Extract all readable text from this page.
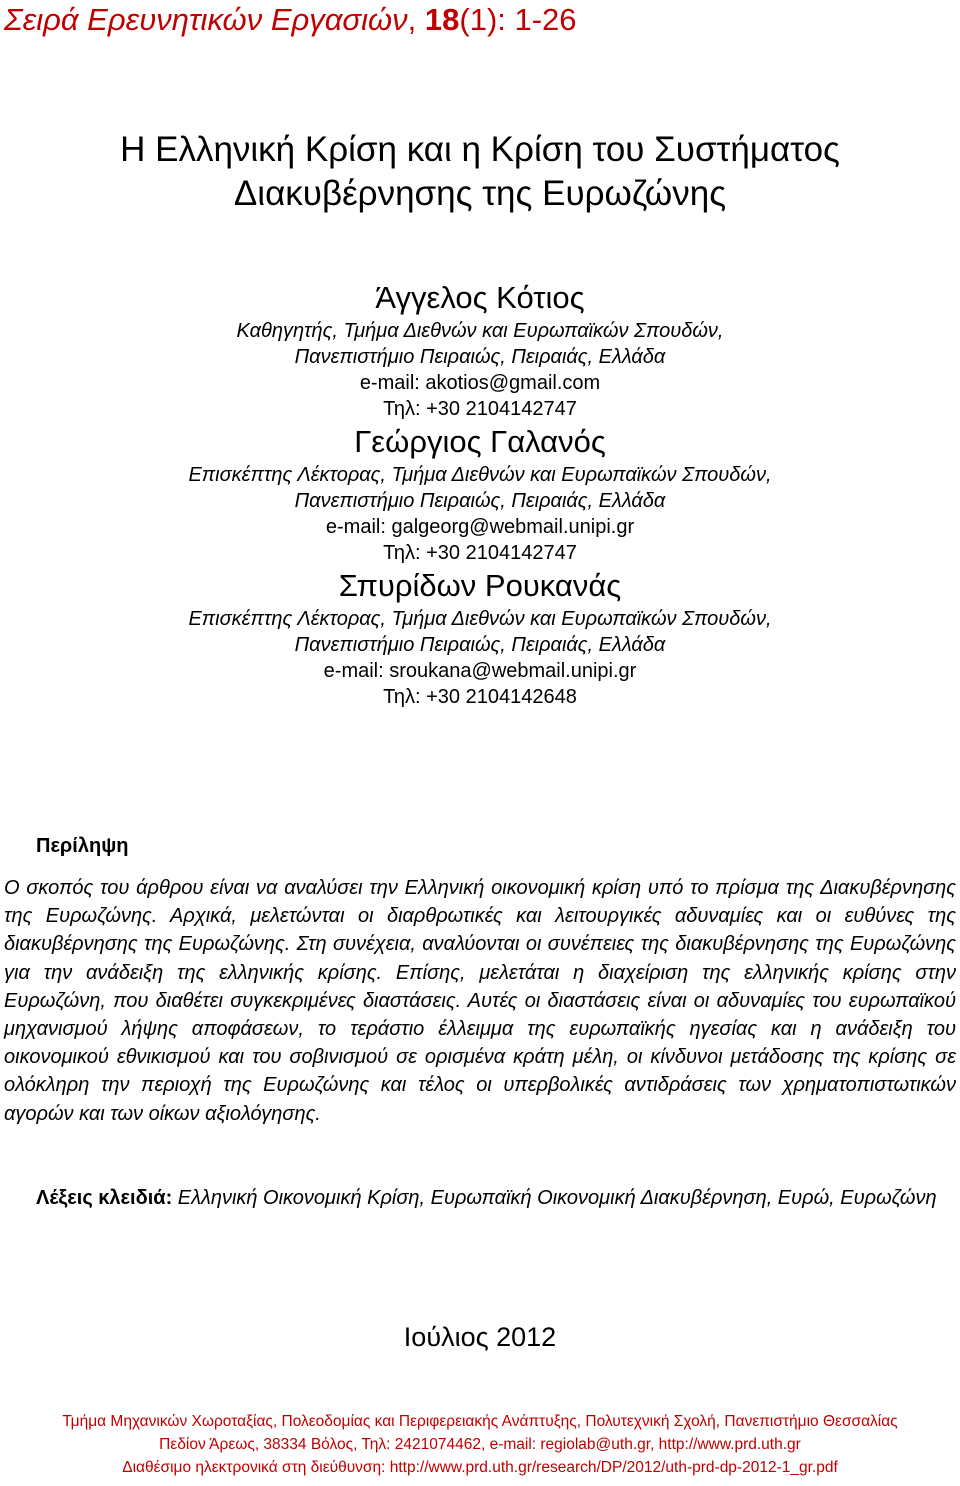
Σειρά Ερευνητικών Εργασιών, 18(1): 1-26
Η Ελληνική Κρίση και η Κρίση του Συστήματος
Διακυβέρνησης της Ευρωζώνης
Άγγελος Κότιος
Καθηγητής, Τμήμα Διεθνών και Ευρωπαϊκών Σπουδών,
Πανεπιστήμιο Πειραιώς, Πειραιάς, Ελλάδα
e-mail: akotios@gmail.com
Τηλ: +30 2104142747
Γεώργιος Γαλανός
Επισκέπτης Λέκτορας, Τμήμα Διεθνών και Ευρωπαϊκών Σπουδών,
Πανεπιστήμιο Πειραιώς, Πειραιάς, Ελλάδα
e-mail: galgeorg@webmail.unipi.gr
Τηλ: +30 2104142747
Σπυρίδων Ρουκανάς
Επισκέπτης Λέκτορας, Τμήμα Διεθνών και Ευρωπαϊκών Σπουδών,
Πανεπιστήμιο Πειραιώς, Πειραιάς, Ελλάδα
e-mail: sroukana@webmail.unipi.gr
Τηλ: +30 2104142648
Περίληψη
Ο σκοπός του άρθρου είναι να αναλύσει την Ελληνική οικονομική κρίση υπό το πρίσμα της Διακυβέρνησης της Ευρωζώνης. Αρχικά, μελετώνται οι διαρθρωτικές και λειτουργικές αδυναμίες και οι ευθύνες της διακυβέρνησης της Ευρωζώνης. Στη συνέχεια, αναλύονται οι συνέπειες της διακυβέρνησης της Ευρωζώνης για την ανάδειξη της ελληνικής κρίσης. Επίσης, μελετάται η διαχείριση της ελληνικής κρίσης στην Ευρωζώνη, που διαθέτει συγκεκριμένες διαστάσεις. Αυτές οι διαστάσεις είναι οι αδυναμίες του ευρωπαϊκού μηχανισμού λήψης αποφάσεων, το τεράστιο έλλειμμα της ευρωπαϊκής ηγεσίας και η ανάδειξη του οικονομικού εθνικισμού και του σοβινισμού σε ορισμένα κράτη μέλη, οι κίνδυνοι μετάδοσης της κρίσης σε ολόκληρη την περιοχή της Ευρωζώνης και τέλος οι υπερβολικές αντιδράσεις των χρηματοπιστωτικών αγορών και των οίκων αξιολόγησης.
Λέξεις κλειδιά: Ελληνική Οικονομική Κρίση, Ευρωπαϊκή Οικονομική Διακυβέρνηση, Ευρώ, Ευρωζώνη
Ιούλιος 2012
Τμήμα Μηχανικών Χωροταξίας, Πολεοδομίας και Περιφερειακής Ανάπτυξης, Πολυτεχνική Σχολή, Πανεπιστήμιο Θεσσαλίας
Πεδίον Άρεως, 38334 Βόλος, Τηλ: 2421074462, e-mail: regiolab@uth.gr, http://www.prd.uth.gr
Διαθέσιμο ηλεκτρονικά στη διεύθυνση: http://www.prd.uth.gr/research/DP/2012/uth-prd-dp-2012-1_gr.pdf
